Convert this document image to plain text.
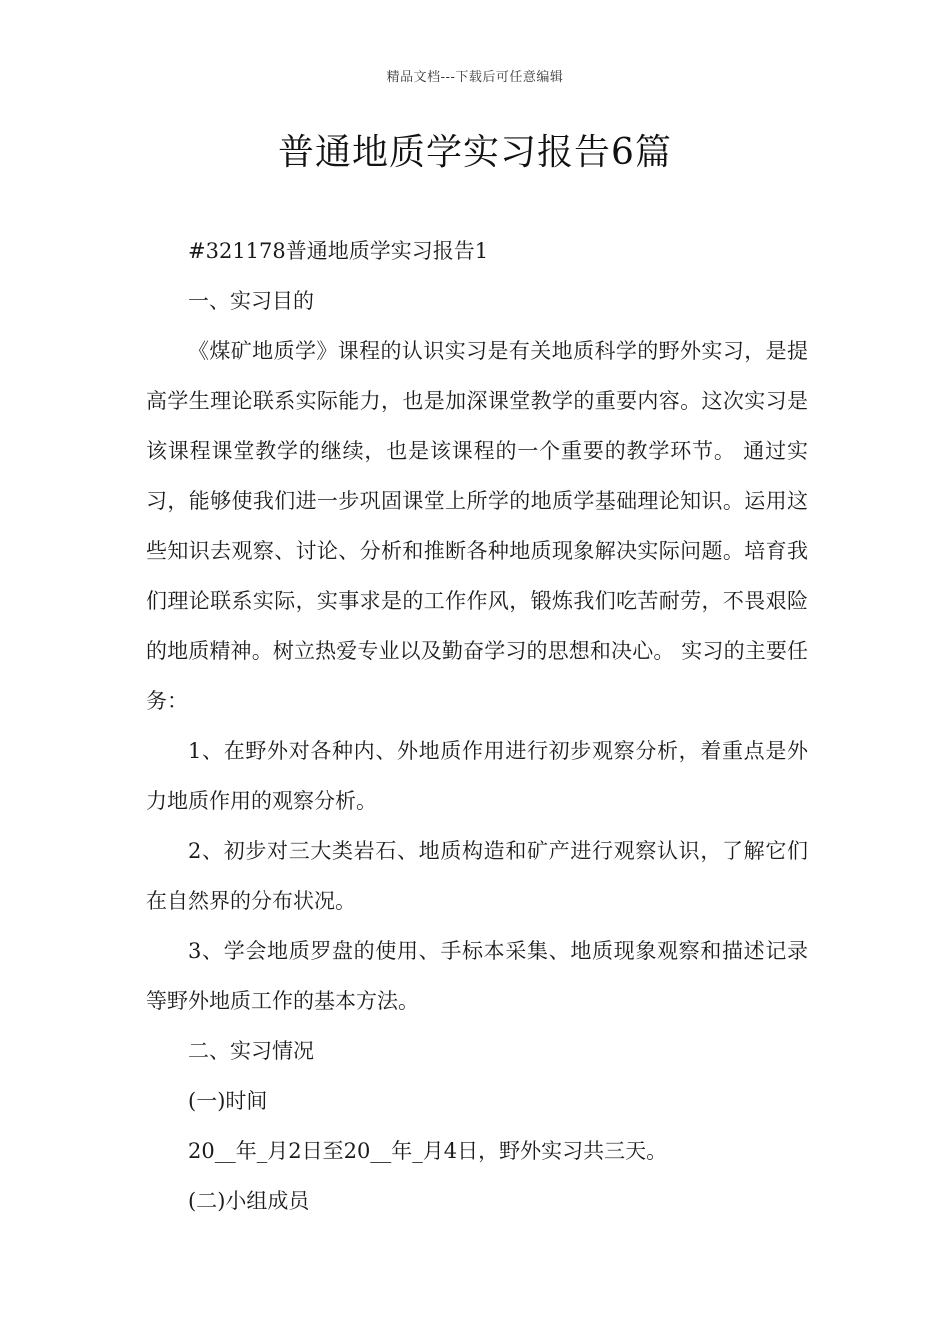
精品文档---下载后可任意编辑
普通地质学实习报告6篇

#321178普通地质学实习报告1

一、实习目的

《煤矿地质学》课程的认识实习是有关地质科学的野外实习，是提高学生理论联系实际能力，也是加深课堂教学的重要内容。这次实习是该课程课堂教学的继续，也是该课程的一个重要的教学环节。 通过实习，能够使我们进一步巩固课堂上所学的地质学基础理论知识。运用这些知识去观察、讨论、分析和推断各种地质现象解决实际问题。培育我们理论联系实际，实事求是的工作作风，锻炼我们吃苦耐劳，不畏艰险的地质精神。树立热爱专业以及勤奋学习的思想和决心。 实习的主要任务：

1、在野外对各种内、外地质作用进行初步观察分析，着重点是外力地质作用的观察分析。

2、初步对三大类岩石、地质构造和矿产进行观察认识，了解它们在自然界的分布状况。

3、学会地质罗盘的使用、手标本采集、地质现象观察和描述记录等野外地质工作的基本方法。

二、实习情况

(一)时间

20__年_月2日至20__年_月4日，野外实习共三天。

(二)小组成员
